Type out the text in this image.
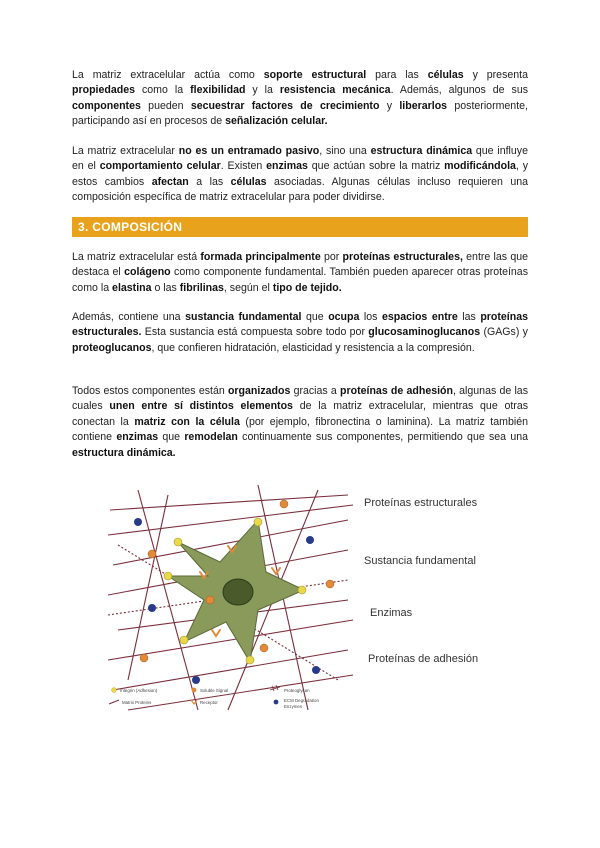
La matriz extracelular actúa como soporte estructural para las células y presenta propiedades como la flexibilidad y la resistencia mecánica. Además, algunos de sus componentes pueden secuestrar factores de crecimiento y liberarlos posteriormente, participando así en procesos de señalización celular.

La matriz extracelular no es un entramado pasivo, sino una estructura dinámica que influye en el comportamiento celular. Existen enzimas que actúan sobre la matriz modificándola, y estos cambios afectan a las células asociadas. Algunas células incluso requieren una composición específica de matriz extracelular para poder dividirse.

3. COMPOSICIÓN

La matriz extracelular está formada principalmente por proteínas estructurales, entre las que destaca el colágeno como componente fundamental. También pueden aparecer otras proteínas como la elastina o las fibrilinas, según el tipo de tejido.

Además, contiene una sustancia fundamental que ocupa los espacios entre las proteínas estructurales. Esta sustancia está compuesta sobre todo por glucosaminoglucanos (GAGs) y proteoglucanos, que confieren hidratación, elasticidad y resistencia a la compresión.

Todos estos componentes están organizados gracias a proteínas de adhesión, algunas de las cuales unen entre sí distintos elementos de la matriz extracelular, mientras que otras conectan la matriz con la célula (por ejemplo, fibronectina o laminina). La matriz también contiene enzimas que remodelan continuamente sus componentes, permitiendo que sea una estructura dinámica.

Proteínas estructurales
Sustancia fundamental
Enzimas
Proteínas de adhesión
Integrin (Adhesion)
Matrix Proteins
Soluble Signal
Receptor
Proteoglycan
ECM Degradation
Enzymes
